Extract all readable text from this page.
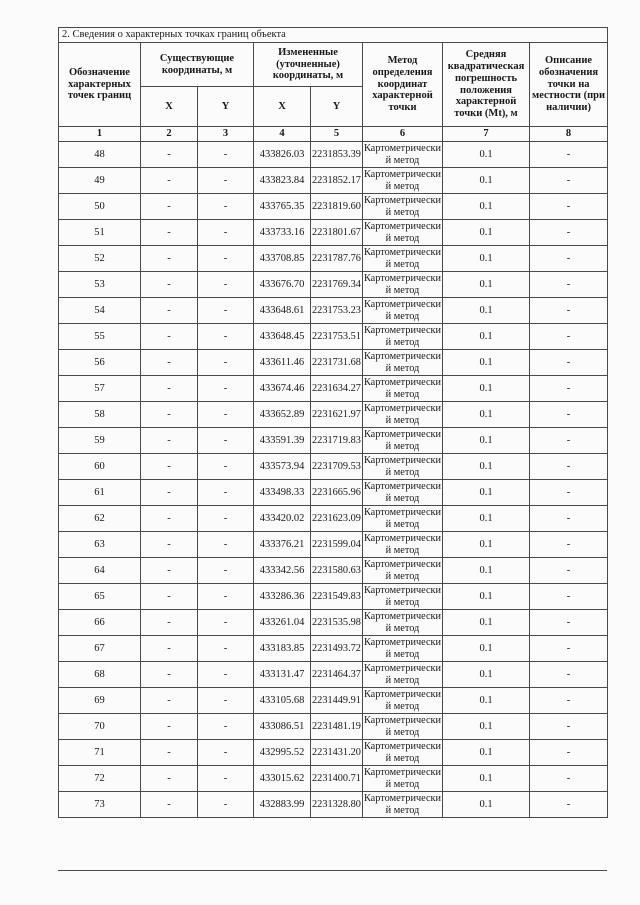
2. Сведения о характерных точках границ объекта							
Обозначение характерных точек границ	Существующие координаты, м		Измененные (уточненные) координаты, м		Метод определения координат характерной точки	Средняя квадратическая погрешность положения характерной точки (Mt), м	Описание обозначения точки на местности (при наличии)
	X	Y	X	Y			
1	2	3	4	5	6	7	8
48	-	-	433826.03	2231853.39	Картометрический метод	0.1	-
49	-	-	433823.84	2231852.17	Картометрический метод	0.1	-
50	-	-	433765.35	2231819.60	Картометрический метод	0.1	-
51	-	-	433733.16	2231801.67	Картометрический метод	0.1	-
52	-	-	433708.85	2231787.76	Картометрический метод	0.1	-
53	-	-	433676.70	2231769.34	Картометрический метод	0.1	-
54	-	-	433648.61	2231753.23	Картометрический метод	0.1	-
55	-	-	433648.45	2231753.51	Картометрический метод	0.1	-
56	-	-	433611.46	2231731.68	Картометрический метод	0.1	-
57	-	-	433674.46	2231634.27	Картометрический метод	0.1	-
58	-	-	433652.89	2231621.97	Картометрический метод	0.1	-
59	-	-	433591.39	2231719.83	Картометрический метод	0.1	-
60	-	-	433573.94	2231709.53	Картометрический метод	0.1	-
61	-	-	433498.33	2231665.96	Картометрический метод	0.1	-
62	-	-	433420.02	2231623.09	Картометрический метод	0.1	-
63	-	-	433376.21	2231599.04	Картометрический метод	0.1	-
64	-	-	433342.56	2231580.63	Картометрический метод	0.1	-
65	-	-	433286.36	2231549.83	Картометрический метод	0.1	-
66	-	-	433261.04	2231535.98	Картометрический метод	0.1	-
67	-	-	433183.85	2231493.72	Картометрический метод	0.1	-
68	-	-	433131.47	2231464.37	Картометрический метод	0.1	-
69	-	-	433105.68	2231449.91	Картометрический метод	0.1	-
70	-	-	433086.51	2231481.19	Картометрический метод	0.1	-
71	-	-	432995.52	2231431.20	Картометрический метод	0.1	-
72	-	-	433015.62	2231400.71	Картометрический метод	0.1	-
73	-	-	432883.99	2231328.80	Картометрический метод	0.1	-
